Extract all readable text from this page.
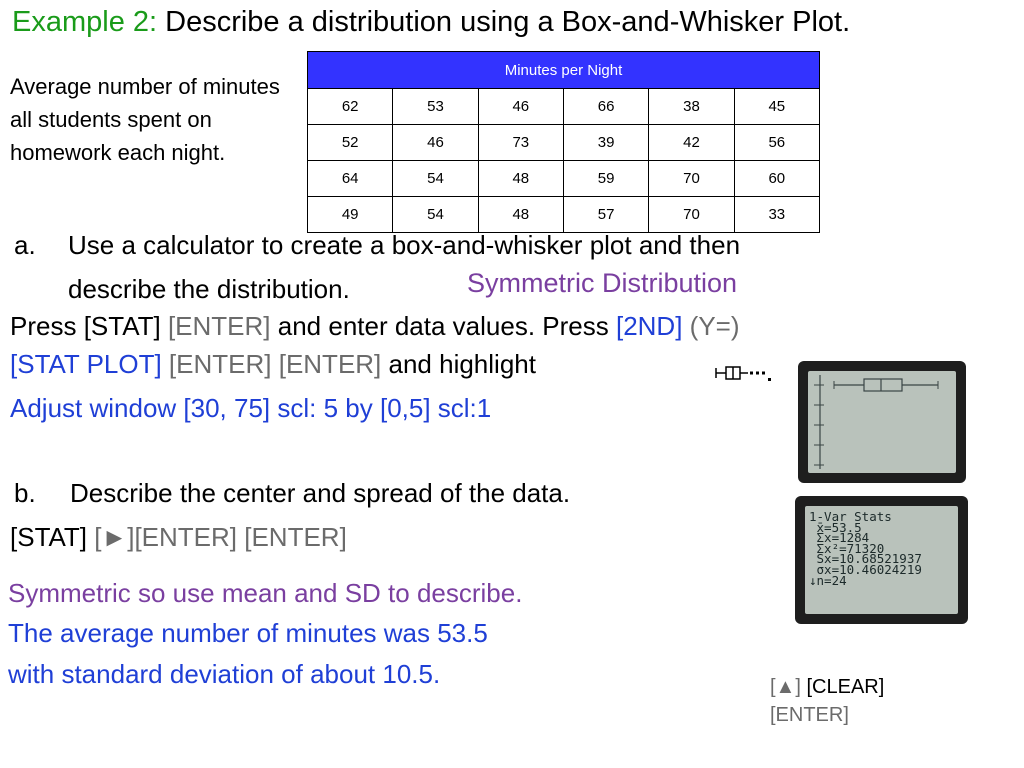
Example 2: Describe a distribution using a Box-and-Whisker Plot.
Average number of minutes all students spent on homework each night.
Minutes per Night					
62	53	46	66	38	45
52	46	73	39	42	56
64	54	48	59	70	60
49	54	48	57	70	33
a. Use a calculator to create a box-and-whisker plot and then
describe the distribution.	Symmetric Distribution
Press [STAT] [ENTER] and enter data values. Press [2ND] (Y=)
[STAT PLOT] [ENTER] [ENTER] and highlight
Adjust window [30, 75] scl: 5 by [0,5] scl:1
b. Describe the center and spread of the data.
[STAT] [►][ENTER] [ENTER]
Symmetric so use mean and SD to describe.
The average number of minutes was 53.5
with standard deviation of about 10.5.	[▲] [CLEAR]
[ENTER]
1-Var Stats
x̄=53.5
Σx=1284
Σx²=71320
Sx=10.68521937
σx=10.46024219
↓n=24
